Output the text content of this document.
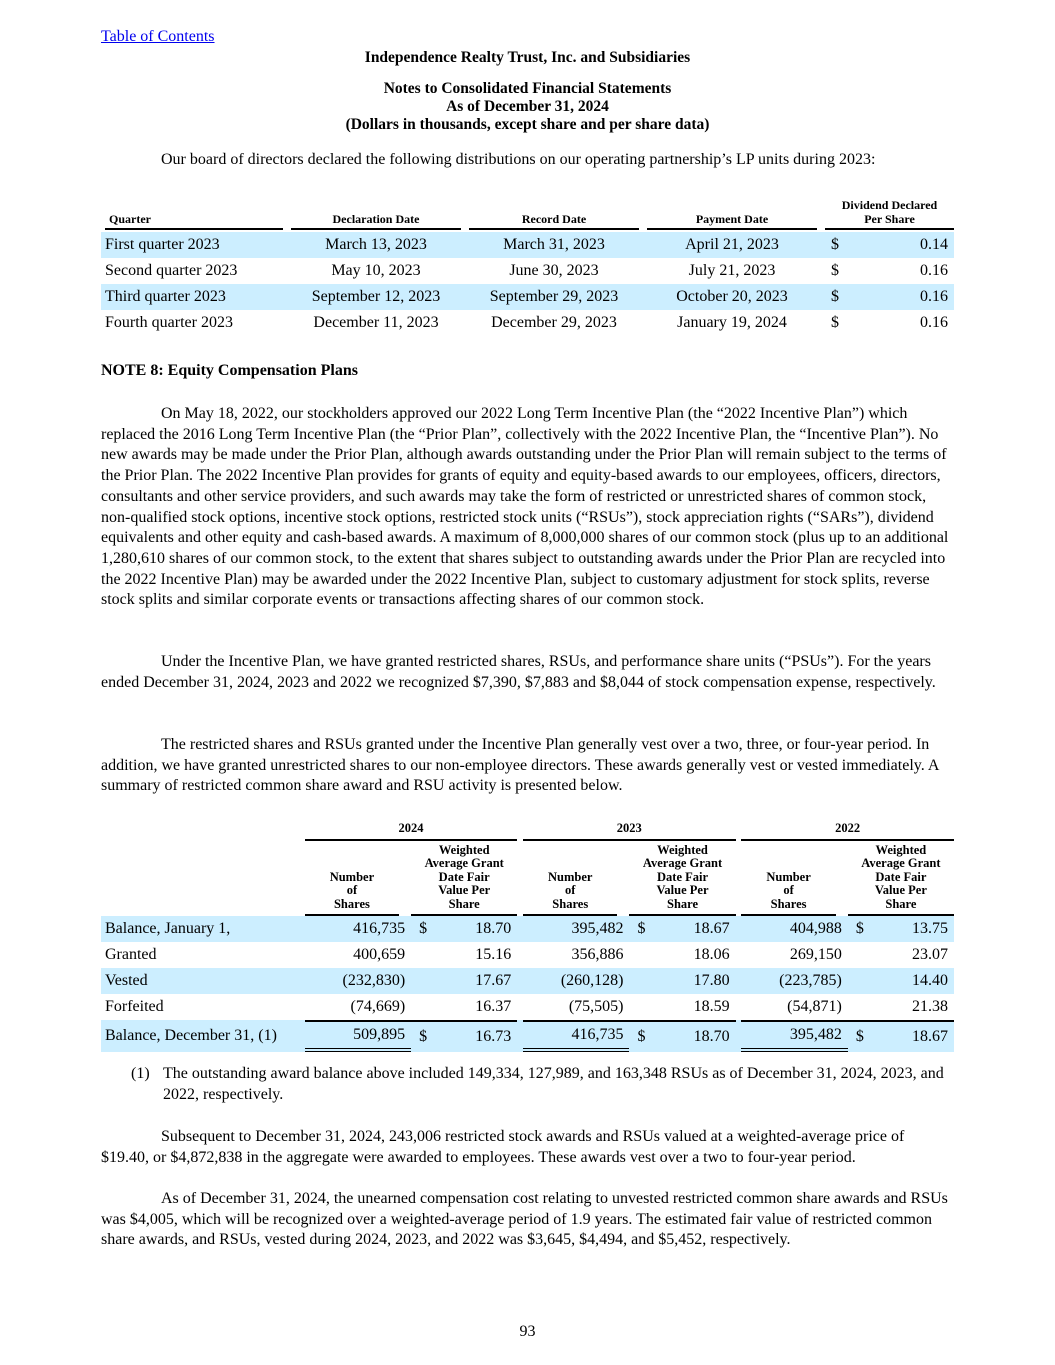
Table of Contents
Independence Realty Trust, Inc. and Subsidiaries
Notes to Consolidated Financial Statements
As of December 31, 2024
(Dollars in thousands, except share and per share data)
Our board of directors declared the following distributions on our operating partnership’s LP units during 2023:
Quarter		Declaration Date		Record Date		Payment Date		Dividend Declared
Per Share	

First quarter 2023		March 13, 2023		March 31, 2023		April 21, 2023		$	0.14
Second quarter 2023		May 10, 2023		June 30, 2023		July 21, 2023		$	0.16
Third quarter 2023		September 12, 2023		September 29, 2023		October 20, 2023		$	0.16
Fourth quarter 2023		December 11, 2023		December 29, 2023		January 19, 2024		$	0.16
NOTE 8: Equity Compensation Plans
On May 18, 2022, our stockholders approved our 2022 Long Term Incentive Plan (the “2022 Incentive Plan”) which replaced the 2016 Long Term Incentive Plan (the “Prior Plan”, collectively with the 2022 Incentive Plan, the “Incentive Plan”). No new awards may be made under the Prior Plan, although awards outstanding under the Prior Plan will remain subject to the terms of the Prior Plan. The 2022 Incentive Plan provides for grants of equity and equity-based awards to our employees, officers, directors, consultants and other service providers, and such awards may take the form of restricted or unrestricted shares of common stock, non-qualified stock options, incentive stock options, restricted stock units (“RSUs”), stock appreciation rights (“SARs”), dividend equivalents and other equity and cash-based awards. A maximum of 8,000,000 shares of our common stock (plus up to an additional 1,280,610 shares of our common stock, to the extent that shares subject to outstanding awards under the Prior Plan are recycled into the 2022 Incentive Plan) may be awarded under the 2022 Incentive Plan, subject to customary adjustment for stock splits, reverse stock splits and similar corporate events or transactions affecting shares of our common stock.
Under the Incentive Plan, we have granted restricted shares, RSUs, and performance share units (“PSUs”). For the years ended December 31, 2024, 2023 and 2022 we recognized $7,390, $7,883 and $8,044 of stock compensation expense, respectively.
The restricted shares and RSUs granted under the Incentive Plan generally vest over a two, three, or four-year period. In addition, we have granted unrestricted shares to our non-employee directors. These awards generally vest or vested immediately. A summary of restricted common share award and RSU activity is presented below.

	2024				2023				2022		

	Number
of
Shares	Weighted
Average Grant
Date Fair
Value Per
Share			Number
of
Shares	Weighted
Average Grant
Date Fair
Value Per
Share			Number
of
Shares	Weighted
Average Grant
Date Fair
Value Per
Share	

Balance, January 1,	416,735	$	18.70		395,482	$	18.67		404,988	$	13.75
Granted	400,659		15.16		356,886		18.06		269,150		23.07
Vested	(232,830)		17.67		(260,128)		17.80		(223,785)		14.40
Forfeited	(74,669)		16.37		(75,505)		18.59		(54,871)		21.38
Balance, December 31, (1)	509,895	$	16.73		416,735	$	18.70		395,482	$	18.67
(1) The outstanding award balance above included 149,334, 127,989, and 163,348 RSUs as of December 31, 2024, 2023, and 2022, respectively.
Subsequent to December 31, 2024, 243,006 restricted stock awards and RSUs valued at a weighted-average price of $19.40, or $4,872,838 in the aggregate were awarded to employees. These awards vest over a two to four-year period.
As of December 31, 2024, the unearned compensation cost relating to unvested restricted common share awards and RSUs was $4,005, which will be recognized over a weighted-average period of 1.9 years. The estimated fair value of restricted common share awards, and RSUs, vested during 2024, 2023, and 2022 was $3,645, $4,494, and $5,452, respectively.
93
